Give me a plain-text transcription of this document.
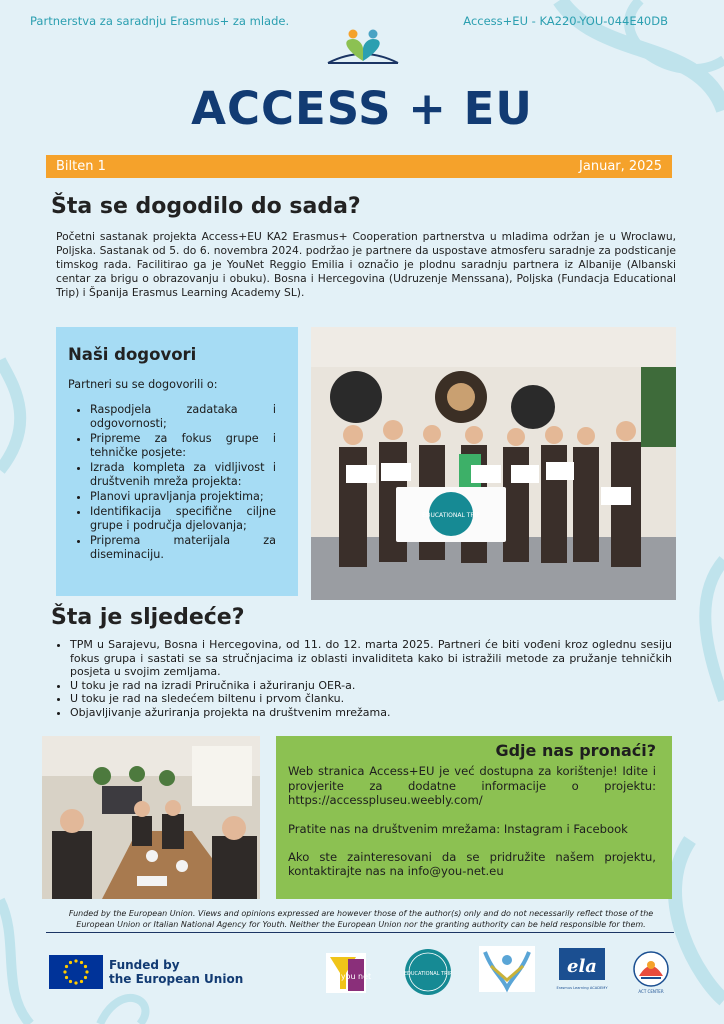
Partnerstva za saradnju Erasmus+ za mlade.	Access+EU - KA220-YOU-044E40DB
ACCESS + EU
Bilten 1	Januar, 2025
Šta se dogodilo do sada?
Početni sastanak projekta Access+EU KA2 Erasmus+ Cooperation partnerstva u mladima održan je u Wroclawu, Poljska. Sastanak od 5. do 6. novembra 2024. podržao je partnere da uspostave atmosferu saradnje za podsticanje timskog rada. Facilitirao ga je YouNet Reggio Emilia i označio je plodnu saradnju partnera iz Albanije (Albanski centar za brigu o obrazovanju i obuku). Bosna i Hercegovina (Udruzenje Menssana), Poljska (Fundacja Educational Trip) i Španija Erasmus Learning Academy SL).
Naši dogovori
Partneri su se dogovorili o:
• Raspodjela zadataka i odgovornosti;
• Pripreme za fokus grupe i tehničke posjete:
• Izrada kompleta za vidljivost i društvenih mreža projekta:
• Planovi upravljanja projektima;
• Identifikacija specifične ciljne grupe i područja djelovanja;
• Priprema materijala za diseminaciju.
EDUCATIONAL TRIP
Šta je sljedeće?
• TPM u Sarajevu, Bosna i Hercegovina, od 11. do 12. marta 2025. Partneri će biti vođeni kroz oglednu sesiju fokus grupa i sastati se sa stručnjacima iz oblasti invaliditeta kako bi istražili metode za pružanje tehničkih posjeta u svojim zemljama.
• U toku je rad na izradi Priručnika i ažuriranju OER-a.
• U toku je rad na sledećem biltenu i prvom članku.
• Objavljivanje ažuriranja projekta na društvenim mrežama.
Gdje nas pronaći?

Web stranica Access+EU je već dostupna za korištenje! Idite i provjerite za dodatne informacije o projektu: https://accesspluseu.weebly.com/

Pratite nas na društvenim mrežama: Instagram i Facebook

Ako ste zainteresovani da se pridružite našem projektu, kontaktirajte nas na info@you-net.eu

Funded by the European Union. Views and opinions expressed are however those of the author(s) only and do not necessarily reflect those of the European Union or Italian National Agency for Youth. Neither the European Union nor the granting authority can be held responsible for them.
Funded by
the European Union	you net	EDUCATIONAL TRIP	ela
Erasmus Learning ACADEMY
ACT CENTER
